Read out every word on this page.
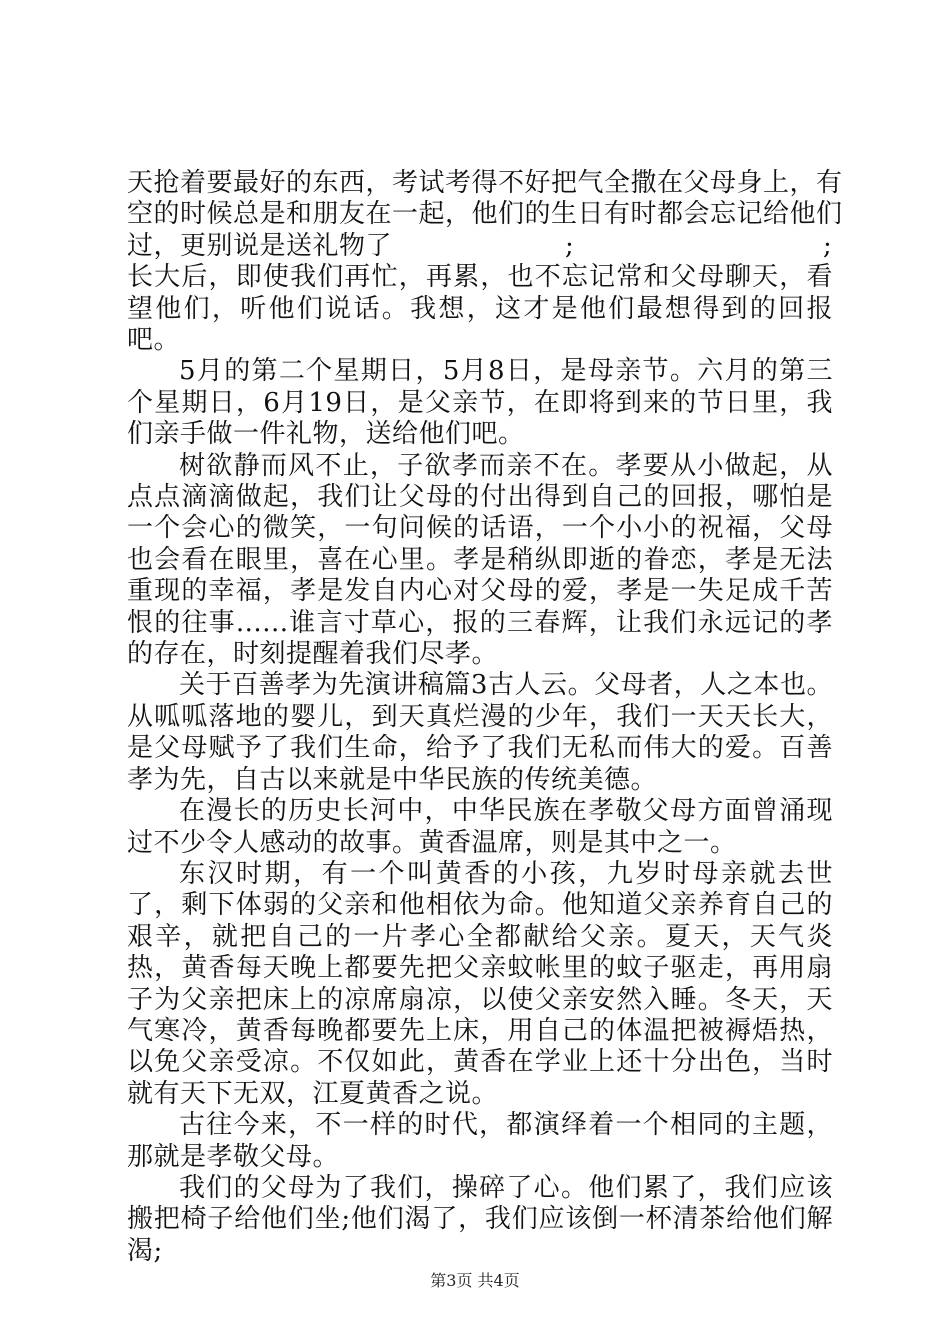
天抢着要最好的东西，考试考得不好把气全撒在父母身上，有
空的时候总是和朋友在一起，他们的生日有时都会忘记给他们
过，更别说是送礼物了	;	;

长大后，即使我们再忙，再累，也不忘记常和父母聊天，看望他们，听他们说话。我想，这才是他们最想得到的回报吧。

5月的第二个星期日，5月8日，是母亲节。六月的第三个星期日，6月19日，是父亲节，在即将到来的节日里，我们亲手做一件礼物，送给他们吧。

树欲静而风不止，子欲孝而亲不在。孝要从小做起，从点点滴滴做起，我们让父母的付出得到自己的回报，哪怕是一个会心的微笑，一句问候的话语，一个小小的祝福，父母也会看在眼里，喜在心里。孝是稍纵即逝的眷恋，孝是无法重现的幸福，孝是发自内心对父母的爱，孝是一失足成千苦恨的往事......谁言寸草心，报的三春辉，让我们永远记的孝的存在，时刻提醒着我们尽孝。

关于百善孝为先演讲稿篇3古人云。父母者，人之本也。从呱呱落地的婴儿，到天真烂漫的少年，我们一天天长大，是父母赋予了我们生命，给予了我们无私而伟大的爱。百善孝为先，自古以来就是中华民族的传统美德。

在漫长的历史长河中，中华民族在孝敬父母方面曾涌现过不少令人感动的故事。黄香温席，则是其中之一。

东汉时期，有一个叫黄香的小孩，九岁时母亲就去世了，剩下体弱的父亲和他相依为命。他知道父亲养育自己的艰辛，就把自己的一片孝心全都献给父亲。夏天，天气炎热，黄香每天晚上都要先把父亲蚊帐里的蚊子驱走，再用扇子为父亲把床上的凉席扇凉，以使父亲安然入睡。冬天，天气寒冷，黄香每晚都要先上床，用自己的体温把被褥焐热，以免父亲受凉。不仅如此，黄香在学业上还十分出色，当时就有天下无双，江夏黄香之说。

古往今来，不一样的时代，都演绎着一个相同的主题，那就是孝敬父母。

我们的父母为了我们，操碎了心。他们累了，我们应该搬把椅子给他们坐;他们渴了，我们应该倒一杯清茶给他们解渴;

第3页 共4页
